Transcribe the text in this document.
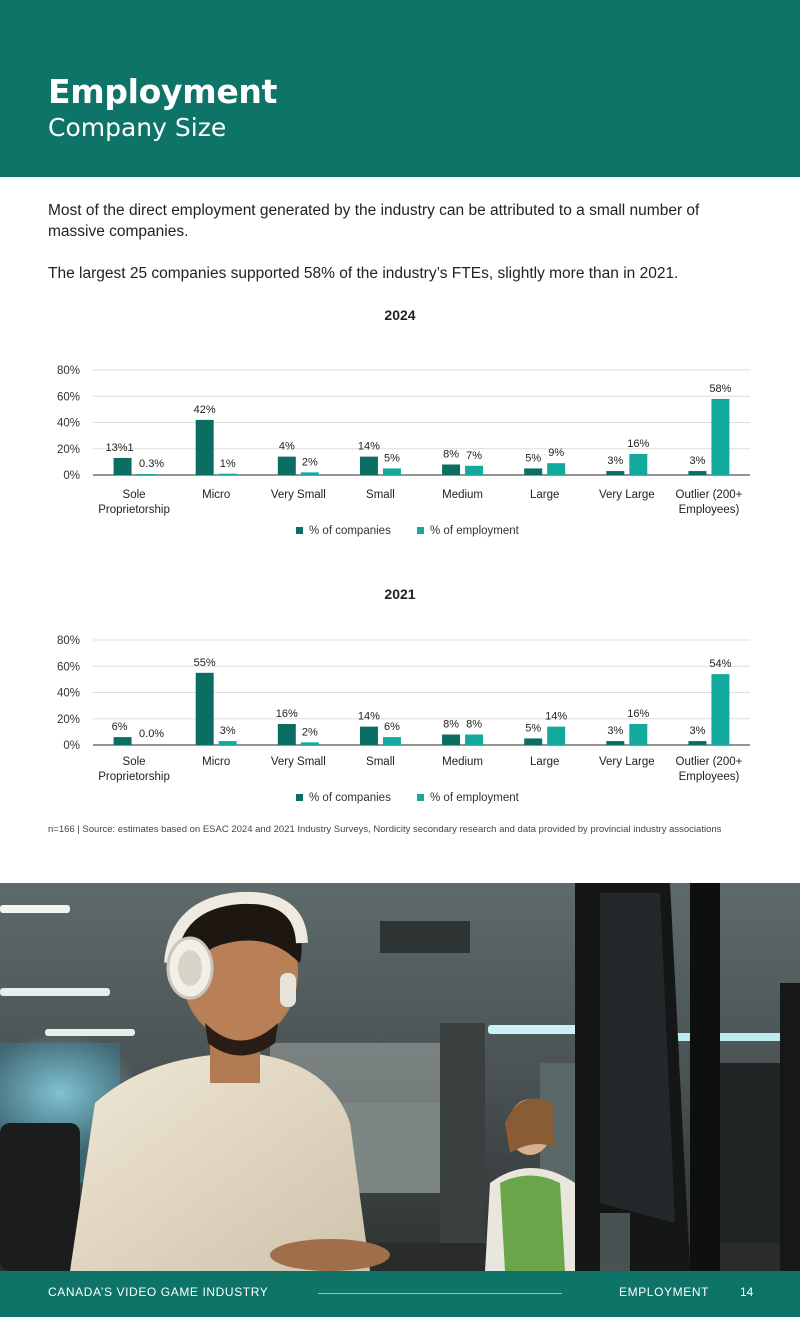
Employment
Company Size

Most of the direct employment generated by the industry can be attributed to a small number of massive companies.

The largest 25 companies supported 58% of the industry’s FTEs, slightly more than in 2021.

2024
0%
20%
40%
60%
80%
13%1
0.3%
Sole Proprietorship
42%
1%
Micro
4%
2%
Very Small
14%
5%
Small
8% 7%
Medium
5% 9%
Large
3%
16%
Very Large
3%
58%
Outlier (200+ Employees)
% of companies	% of employment
2021
0%
20%
40%
60%
80%
6%
0.0%
Sole Proprietorship
55%
3%
Micro
16%
2%
Very Small
14%
6%
Small
8% 8%
Medium
5%
14%
Large
3%
16%
Very Large
3%
54%
Outlier (200+ Employees)
% of companies	% of employment
n=166 | Source: estimates based on ESAC 2024 and 2021 Industry Surveys, Nordicity secondary research and data provided by provincial industry associations
CANADA’S VIDEO GAME INDUSTRY	EMPLOYMENT	14
